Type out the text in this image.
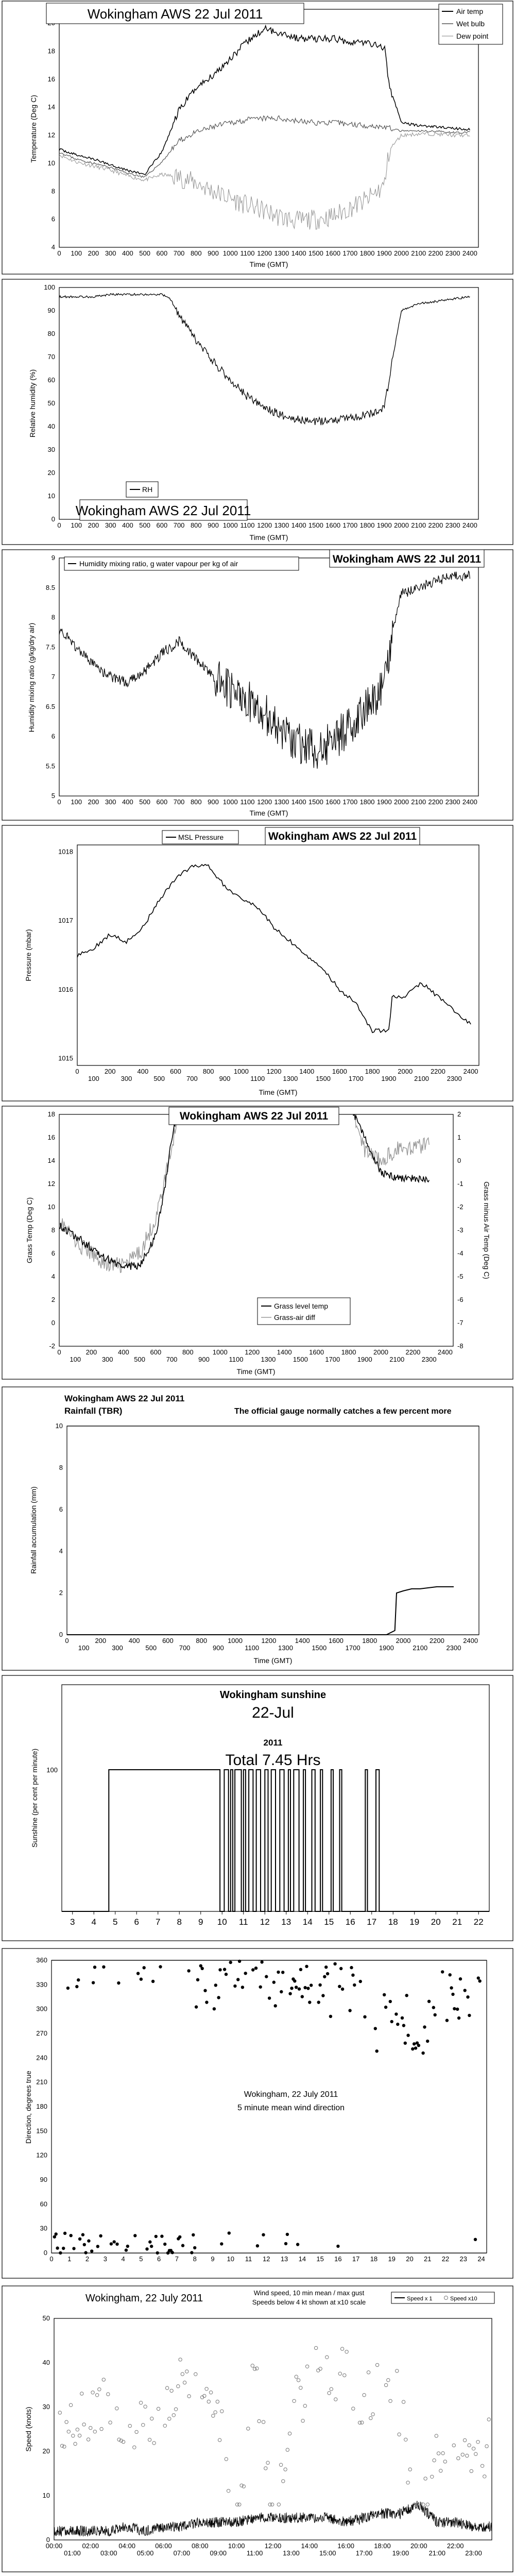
4
6
8
10
12
14
16
18
0 100 200 300 400 500 600 700 800 900 1000 1100 1200 1300 1400 1500 1600 1700 1800 1900 2000 2100 2200 2300 2400
Wokingham AWS 22 Jul 2011	Air temp
Wet bulb
Dew point
Time (GMT)
Temperature (Deg C)
0
10
20
30
40
50
60
70
80
90
100
0 100 200 300 400 500 600 700 800 900 1000 1100 1200 1300 1400 1500 1600 1700 1800 1900 2000 2100 2200 2300 2400
RH
Wokingham AWS 22 Jul 2011
Time (GMT)
Relative humidity (%)
5
5.5
6
6.5
7
7.5
8
8.5
9
0 100 200 300 400 500 600 700 800 900 1000 1100 1200 1300 1400 1500 1600 1700 1800 1900 2000 2100 2200 2300 2400
Humidity mixing ratio, g water vapour per kg of air	Wokingham AWS 22 Jul 2011
Time (GMT)
Humidity mixing ratio (g/kg/dry air)
1015
1016
1017
1018
0
100
200
300
400
500
600
700
800
900
1000
1100
1200
1300
1400
1500
1600
1700
1800
1900
2000
2100
2200
2300
2400
MSL Pressure	Wokingham AWS 22 Jul 2011
Time (GMT)
Pressure (mbar)
-2
0
2
4
6
8
10
12
14
16
18
0
100
200
300
400
500
600
700
800
900
1000
1100
1200
1300
1400
1500
1600
1700
1800
1900
2000
2100
2200
2300
2400
-8
-7
-6
-5
-4
-3
-2
-1
0
1
2
Wokingham AWS 22 Jul 2011
Grass level temp
Grass-air diff
Time (GMT)
Grass Temp (Deg C)	Grass minus Air Temp (Deg C)
0
2
4
6
8
10
0
100
200
300
400
500
600
700
800
900
1000
1100
1200
1300
1400
1500
1600
1700
1800
1900
2000
2100
2200
2300
2400
Wokingham AWS 22 Jul 2011
Rainfall (TBR)	The official gauge normally catches a few percent more
Time (GMT)
Rainfall accumulation (mm)
3 4 5 6 7 8 9 10 11 12 13 14 15 16 17 18 19 20 21 22
100
Wokingham sunshine
22-Jul
2011
Total 7.45 Hrs
Sunshine (per cent per minute)
0
30
60
90
120
150
180
210
240
270
300
330
360
0 1 2 3 4 5 6 7 8 9 10 11 12 13 14 15 16 17 18 19 20 21 22 23 24
Wokingham, 22 July 2011
5 minute mean wind direction
Direction, degrees true
0
10
20
30
40
50
00:00
01:00
02:00
03:00
04:00
05:00
06:00
07:00
08:00
09:00
10:00
11:00
12:00
13:00
14:00
15:00
16:00
17:00
18:00
19:00
20:00
21:00
22:00
23:00
Wokingham, 22 July 2011	Wind speed, 10 min mean / max gust
Speeds below 4 kt shown at x10 scale	Speed x 1	Speed x10
Speed (knots)
